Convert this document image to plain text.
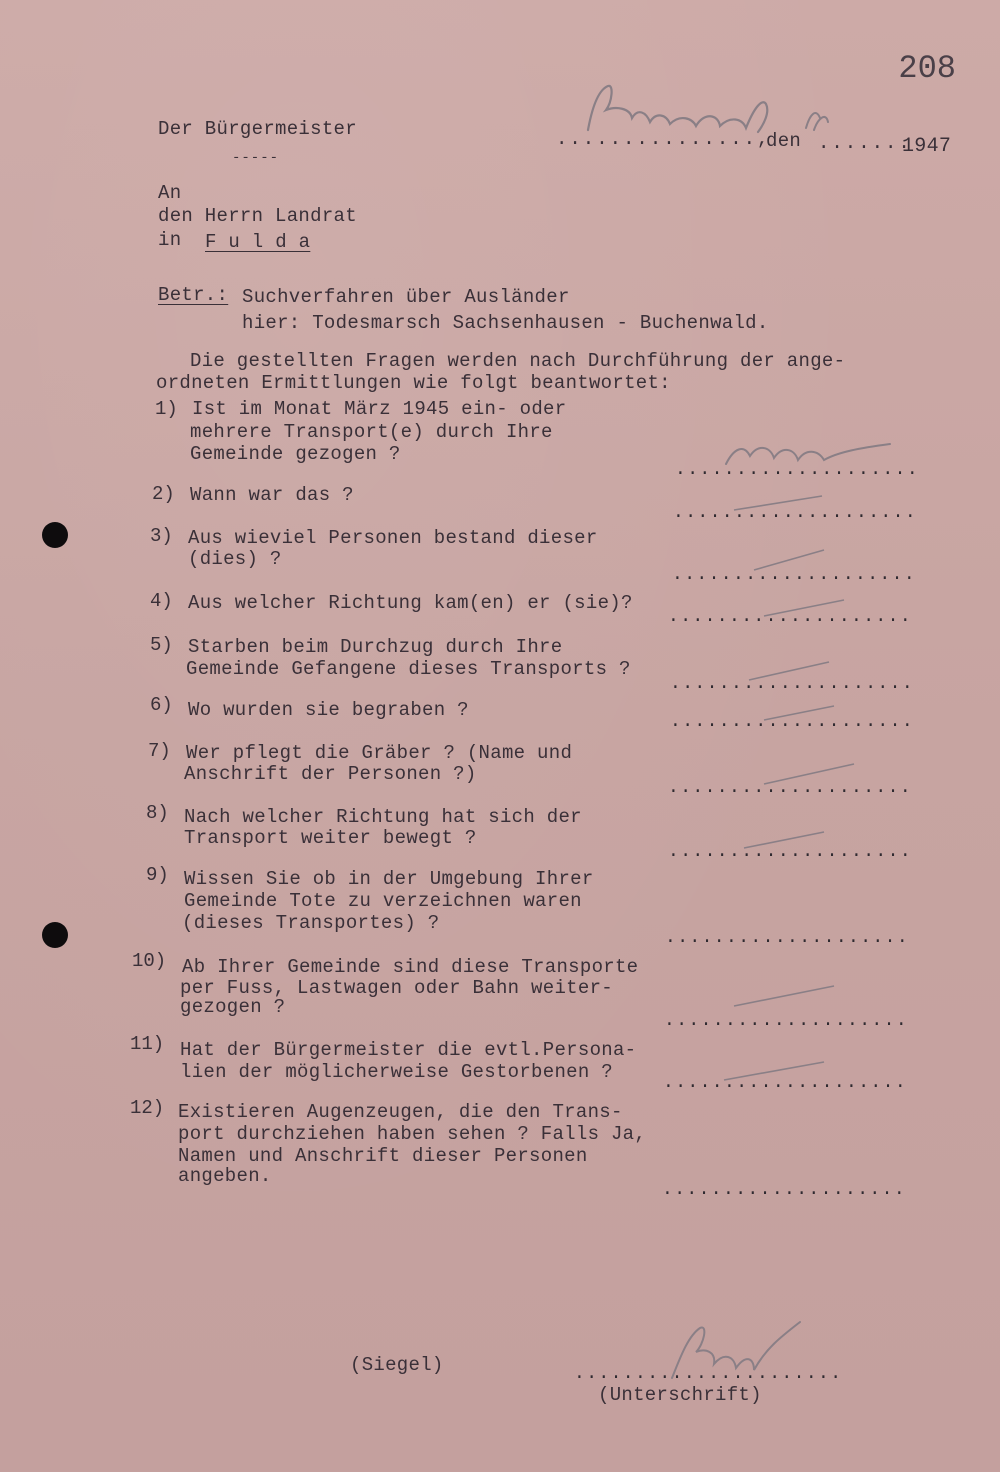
208
Der Bürgermeister
-----
...............,
den .......
1947
An
den Herrn Landrat
in F u l d a
Betr.: Suchverfahren über Ausländer
hier: Todesmarsch Sachsenhausen - Buchenwald.
Die gestellten Fragen werden nach Durchführung der ange-
ordneten Ermittlungen wie folgt beantwortet:
1) Ist im Monat März 1945 ein- oder
mehrere Transport(e) durch Ihre
Gemeinde gezogen ?
....................
2) Wann war das ?
....................
3) Aus wieviel Personen bestand dieser
(dies) ?
....................
4) Aus welcher Richtung kam(en) er (sie)?
....................
5) Starben beim Durchzug durch Ihre
Gemeinde Gefangene dieses Transports ?
....................
6) Wo wurden sie begraben ?
....................
7) Wer pflegt die Gräber ? (Name und
Anschrift der Personen ?)
....................
8) Nach welcher Richtung hat sich der
Transport weiter bewegt ?
....................
9) Wissen Sie ob in der Umgebung Ihrer
Gemeinde Tote zu verzeichnen waren
(dieses Transportes) ?
....................
10) Ab Ihrer Gemeinde sind diese Transporte
per Fuss, Lastwagen oder Bahn weiter-
gezogen ?
....................
11) Hat der Bürgermeister die evtl.Persona-
lien der möglicherweise Gestorbenen ?	....................
12) Existieren Augenzeugen, die den Trans-
port durchziehen haben sehen ? Falls Ja,
Namen und Anschrift dieser Personen
angeben.
....................
(Siegel)	......................
(Unterschrift)
